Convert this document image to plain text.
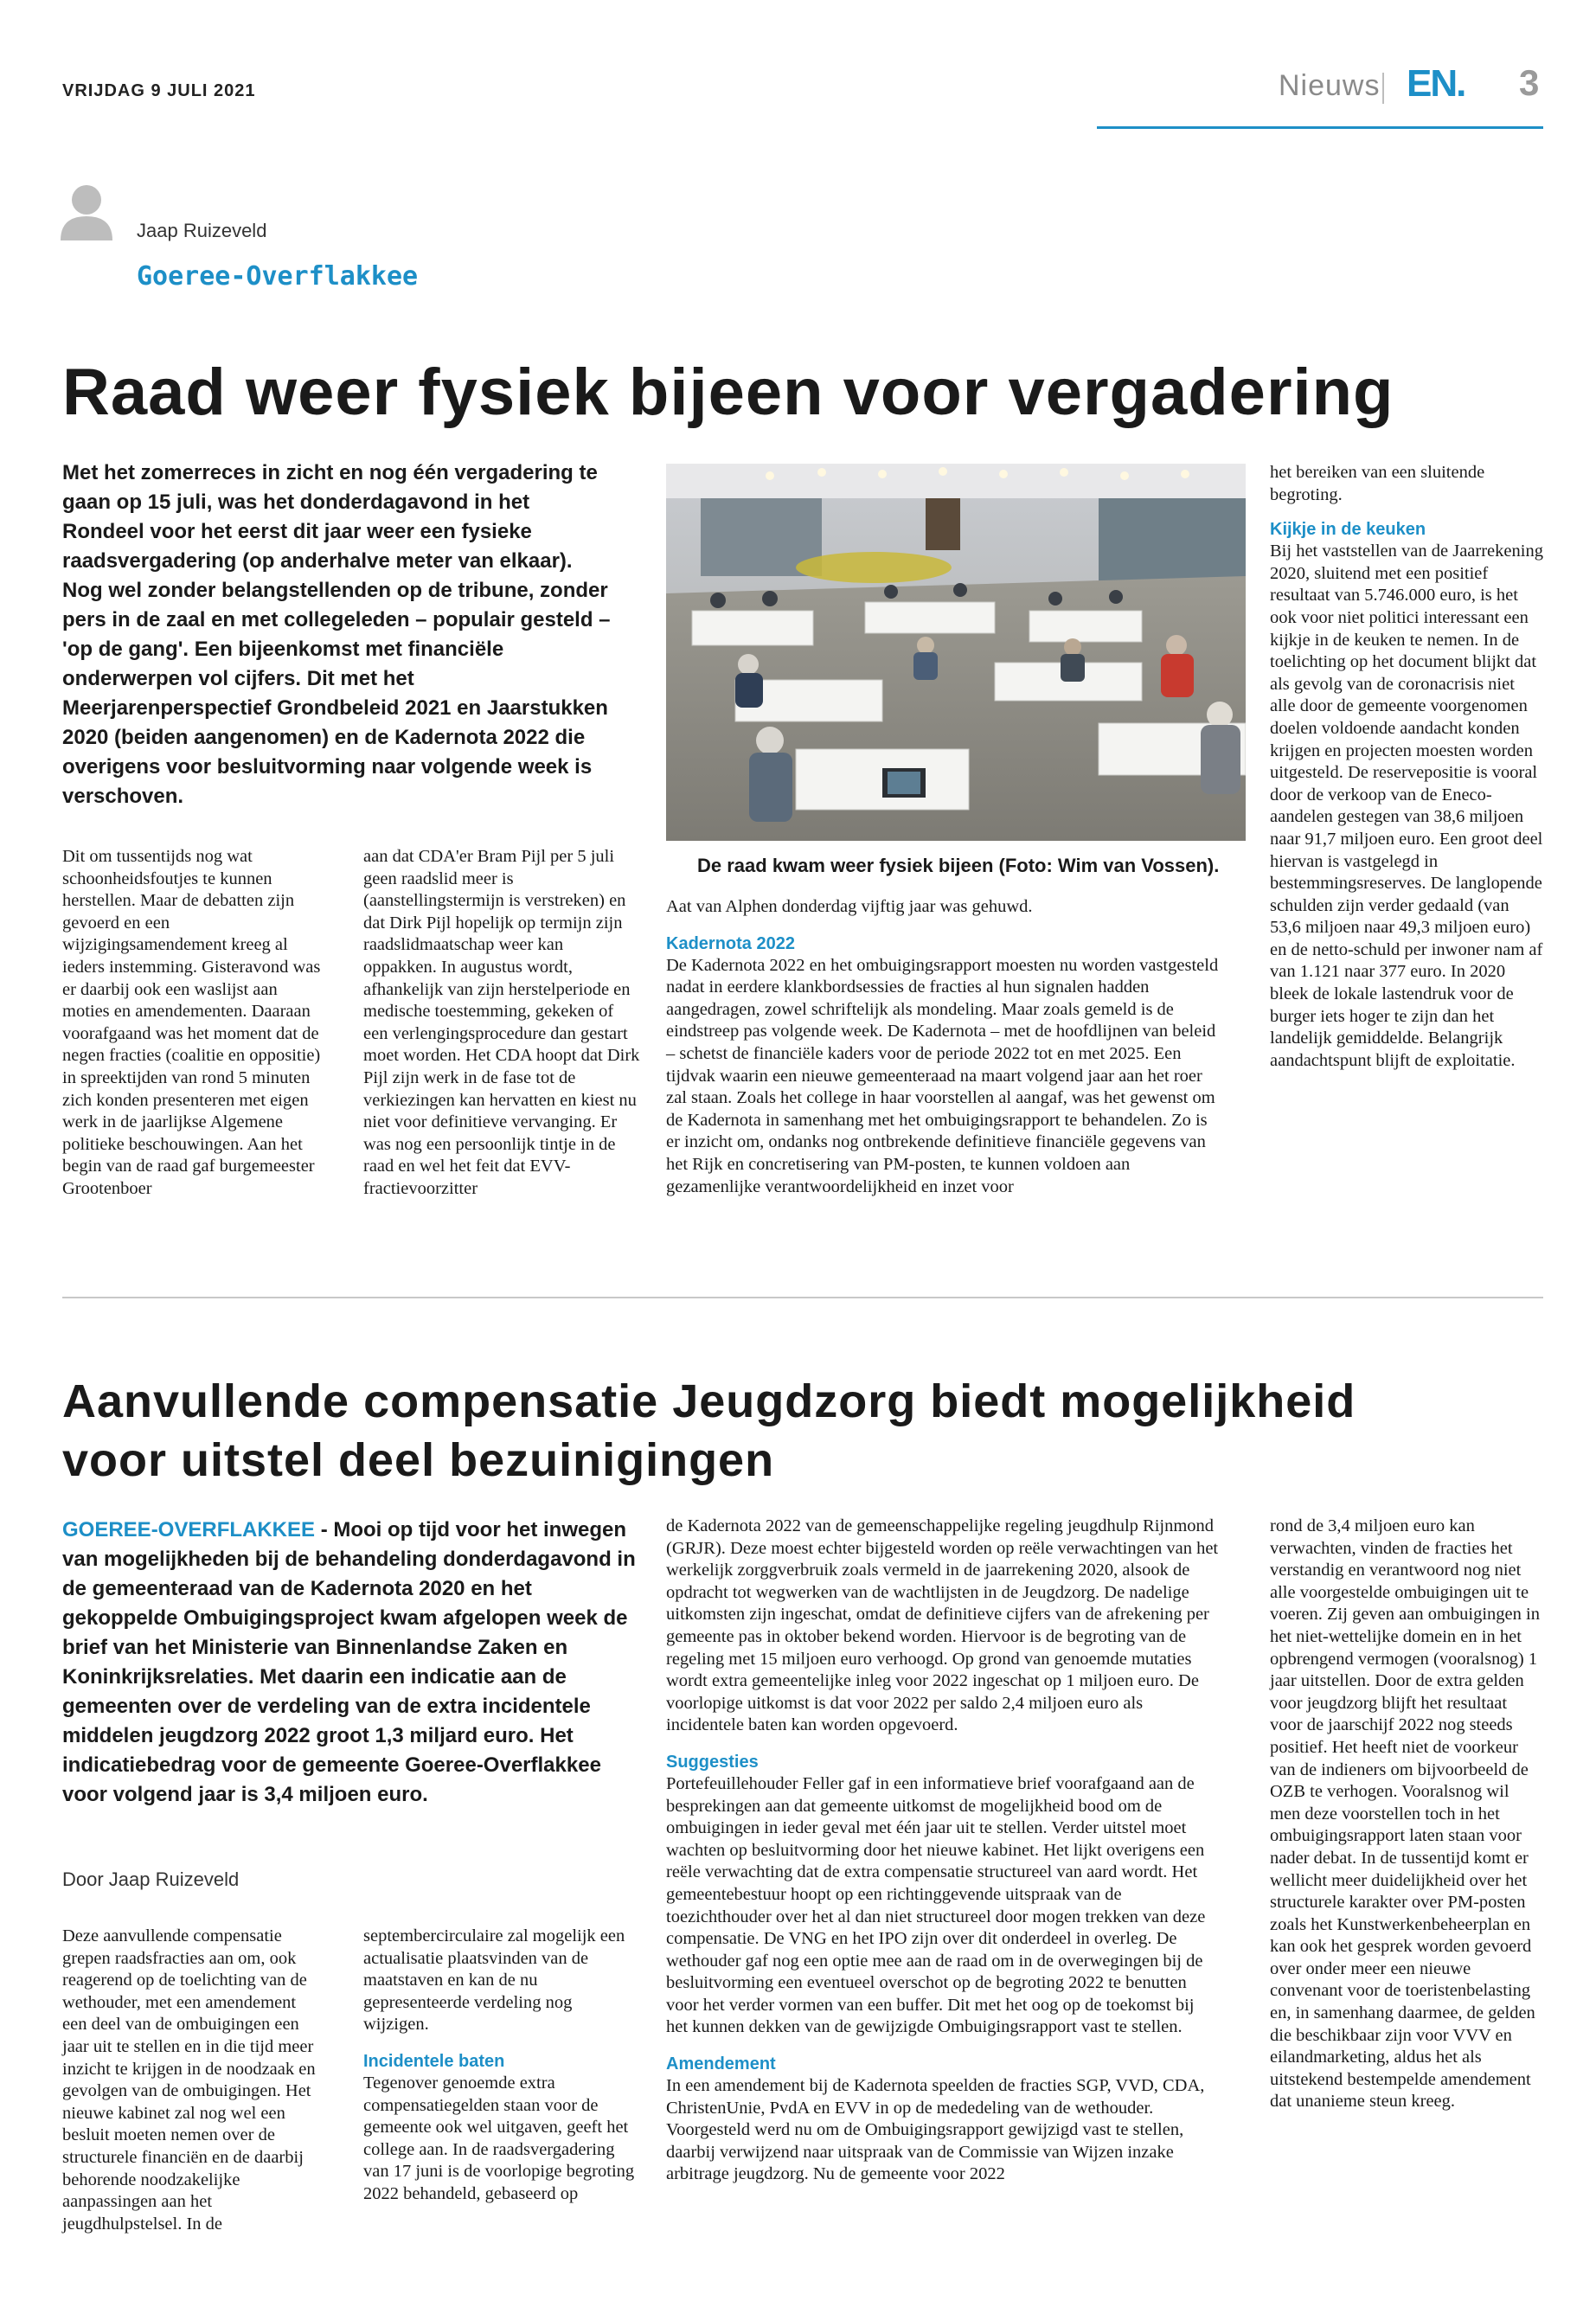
VRIJDAG 9 JULI 2021	Nieuws EN. 3
Jaap Ruizeveld
Goeree-Overflakkee
Raad weer fysiek bijeen voor vergadering

Met het zomerreces in zicht en nog één vergadering te gaan op 15 juli, was het donderdagavond in het Rondeel voor het eerst dit jaar weer een fysieke raadsvergadering (op anderhalve meter van elkaar). Nog wel zonder belangstellenden op de tribune, zonder pers in de zaal en met collegeleden – populair gesteld – 'op de gang'. Een bijeenkomst met financiële onderwerpen vol cijfers. Dit met het Meerjarenperspectief Grondbeleid 2021 en Jaarstukken 2020 (beiden aangenomen) en de Kadernota 2022 die overigens voor besluitvorming naar volgende week is verschoven.

Dit om tussentijds nog wat schoonheidsfoutjes te kunnen herstellen. Maar de debatten zijn gevoerd en een wijzigingsamendement kreeg al ieders instemming. Gisteravond was er daarbij ook een waslijst aan moties en amendementen. Daaraan voorafgaand was het moment dat de negen fracties (coalitie en oppositie) in spreektijden van rond 5 minuten zich konden presenteren met eigen werk in de jaarlijkse Algemene politieke beschouwingen. Aan het begin van de raad gaf burgemeester Grootenboer

aan dat CDA'er Bram Pijl per 5 juli geen raadslid meer is (aanstellingstermijn is verstreken) en dat Dirk Pijl hopelijk op termijn zijn raadslidmaatschap weer kan oppakken. In augustus wordt, afhankelijk van zijn herstelperiode en medische toestemming, gekeken of een verlengingsprocedure dan gestart moet worden. Het CDA hoopt dat Dirk Pijl zijn werk in de fase tot de verkiezingen kan hervatten en kiest nu niet voor definitieve vervanging. Er was nog een persoonlijk tintje in de raad en wel het feit dat EVV-fractievoorzitter

De raad kwam weer fysiek bijeen (Foto: Wim van Vossen).

Aat van Alphen donderdag vijftig jaar was gehuwd.

Kadernota 2022

De Kadernota 2022 en het ombuigingsrapport moesten nu worden vastgesteld nadat in eerdere klankbordsessies de fracties al hun signalen hadden aangedragen, zowel schriftelijk als mondeling. Maar zoals gemeld is de eindstreep pas volgende week. De Kadernota – met de hoofdlijnen van beleid – schetst de financiële kaders voor de periode 2022 tot en met 2025. Een tijdvak waarin een nieuwe gemeenteraad na maart volgend jaar aan het roer zal staan. Zoals het college in haar voorstellen al aangaf, was het gewenst om de Kadernota in samenhang met het ombuigingsrapport te behandelen. Zo is er inzicht om, ondanks nog ontbrekende definitieve financiële gegevens van het Rijk en concretisering van PM-posten, te kunnen voldoen aan gezamenlijke verantwoordelijkheid en inzet voor

het bereiken van een sluitende begroting.

Kijkje in de keuken

Bij het vaststellen van de Jaarrekening 2020, sluitend met een positief resultaat van 5.746.000 euro, is het ook voor niet politici interessant een kijkje in de keuken te nemen. In de toelichting op het document blijkt dat als gevolg van de coronacrisis niet alle door de gemeente voorgenomen doelen voldoende aandacht konden krijgen en projecten moesten worden uitgesteld. De reservepositie is vooral door de verkoop van de Eneco-aandelen gestegen van 38,6 miljoen naar 91,7 miljoen euro. Een groot deel hiervan is vastgelegd in bestemmingsreserves. De langlopende schulden zijn verder gedaald (van 53,6 miljoen naar 49,3 miljoen euro) en de netto-schuld per inwoner nam af van 1.121 naar 377 euro. In 2020 bleek de lokale lastendruk voor de burger iets hoger te zijn dan het landelijk gemiddelde. Belangrijk aandachtspunt blijft de exploitatie.

Aanvullende compensatie Jeugdzorg biedt mogelijkheid voor uitstel deel bezuinigingen

GOEREE-OVERFLAKKEE - Mooi op tijd voor het inwegen van mogelijkheden bij de behandeling donderdagavond in de gemeenteraad van de Kadernota 2020 en het gekoppelde Ombuigingsproject kwam afgelopen week de brief van het Ministerie van Binnenlandse Zaken en Koninkrijksrelaties. Met daarin een indicatie aan de gemeenten over de verdeling van de extra incidentele middelen jeugdzorg 2022 groot 1,3 miljard euro. Het indicatiebedrag voor de gemeente Goeree-Overflakkee voor volgend jaar is 3,4 miljoen euro.

Door Jaap Ruizeveld

Deze aanvullende compensatie grepen raadsfracties aan om, ook reagerend op de toelichting van de wethouder, met een amendement een deel van de ombuigingen een jaar uit te stellen en in die tijd meer inzicht te krijgen in de noodzaak en gevolgen van de ombuigingen. Het nieuwe kabinet zal nog wel een besluit moeten nemen over de structurele financiën en de daarbij behorende noodzakelijke aanpassingen aan het jeugdhulpstelsel. In de

septembercirculaire zal mogelijk een actualisatie plaatsvinden van de maatstaven en kan de nu gepresenteerde verdeling nog wijzigen.

Incidentele baten

Tegenover genoemde extra compensatiegelden staan voor de gemeente ook wel uitgaven, geeft het college aan. In de raadsvergadering van 17 juni is de voorlopige begroting 2022 behandeld, gebaseerd op

de Kadernota 2022 van de gemeenschappelijke regeling jeugdhulp Rijnmond (GRJR). Deze moest echter bijgesteld worden op reële verwachtingen van het werkelijk zorggverbruik zoals vermeld in de jaarrekening 2020, alsook de opdracht tot wegwerken van de wachtlijsten in de Jeugdzorg. De nadelige uitkomsten zijn ingeschat, omdat de definitieve cijfers van de afrekening per gemeente pas in oktober bekend worden. Hiervoor is de begroting van de regeling met 15 miljoen euro verhoogd. Op grond van genoemde mutaties wordt extra gemeentelijke inleg voor 2022 ingeschat op 1 miljoen euro. De voorlopige uitkomst is dat voor 2022 per saldo 2,4 miljoen euro als incidentele baten kan worden opgevoerd.

Suggesties

Portefeuillehouder Feller gaf in een informatieve brief voorafgaand aan de besprekingen aan dat gemeente uitkomst de mogelijkheid bood om de ombuigingen in ieder geval met één jaar uit te stellen. Verder uitstel moet wachten op besluitvorming door het nieuwe kabinet. Het lijkt overigens een reële verwachting dat de extra compensatie structureel van aard wordt. Het gemeentebestuur hoopt op een richtinggevende uitspraak van de toezichthouder over het al dan niet structureel door mogen trekken van deze compensatie. De VNG en het IPO zijn over dit onderdeel in overleg. De wethouder gaf nog een optie mee aan de raad om in de overwegingen bij de besluitvorming een eventueel overschot op de begroting 2022 te benutten voor het verder vormen van een buffer. Dit met het oog op de toekomst bij het kunnen dekken van de gewijzigde Ombuigingsrapport vast te stellen.

Amendement

In een amendement bij de Kadernota speelden de fracties SGP, VVD, CDA, ChristenUnie, PvdA en EVV in op de mededeling van de wethouder. Voorgesteld werd nu om de Ombuigingsrapport gewijzigd vast te stellen, daarbij verwijzend naar uitspraak van de Commissie van Wijzen inzake arbitrage jeugdzorg. Nu de gemeente voor 2022

rond de 3,4 miljoen euro kan verwachten, vinden de fracties het verstandig en verantwoord nog niet alle voorgestelde ombuigingen uit te voeren. Zij geven aan ombuigingen in het niet-wettelijke domein en in het opbrengend vermogen (vooralsnog) 1 jaar uitstellen. Door de extra gelden voor jeugdzorg blijft het resultaat voor de jaarschijf 2022 nog steeds positief. Het heeft niet de voorkeur van de indieners om bijvoorbeeld de OZB te verhogen. Vooralsnog wil men deze voorstellen toch in het ombuigingsrapport laten staan voor nader debat. In de tussentijd komt er wellicht meer duidelijkheid over het structurele karakter over PM-posten zoals het Kunstwerkenbeheerplan en kan ook het gesprek worden gevoerd over onder meer een nieuwe convenant voor de toeristenbelasting en, in samenhang daarmee, de gelden die beschikbaar zijn voor VVV en eilandmarketing, aldus het als uitstekend bestempelde amendement dat unanieme steun kreeg.
